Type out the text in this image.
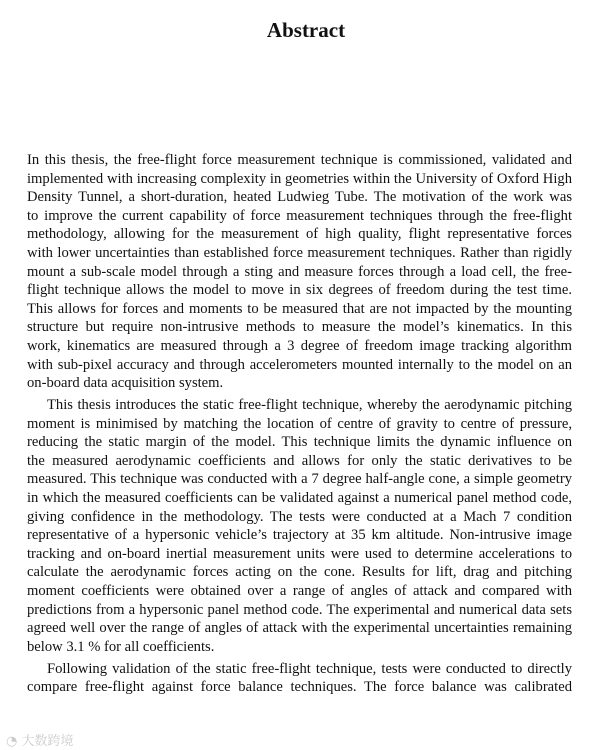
Abstract
In this thesis, the free-flight force measurement technique is commissioned, validated and
implemented with increasing complexity in geometries within the University of Oxford High
Density Tunnel, a short-duration, heated Ludwieg Tube. The motivation of the work was
to improve the current capability of force measurement techniques through the free-flight
methodology, allowing for the measurement of high quality, flight representative forces
with lower uncertainties than established force measurement techniques. Rather than rigidly
mount a sub-scale model through a sting and measure forces through a load cell, the free-
flight technique allows the model to move in six degrees of freedom during the test time.
This allows for forces and moments to be measured that are not impacted by the mounting
structure but require non-intrusive methods to measure the model’s kinematics. In this
work, kinematics are measured through a 3 degree of freedom image tracking algorithm
with sub-pixel accuracy and through accelerometers mounted internally to the model on an
on-board data acquisition system.
This thesis introduces the static free-flight technique, whereby the aerodynamic pitching
moment is minimised by matching the location of centre of gravity to centre of pressure,
reducing the static margin of the model. This technique limits the dynamic influence on
the measured aerodynamic coefficients and allows for only the static derivatives to be
measured. This technique was conducted with a 7 degree half-angle cone, a simple geometry
in which the measured coefficients can be validated against a numerical panel method code,
giving confidence in the methodology. The tests were conducted at a Mach 7 condition
representative of a hypersonic vehicle’s trajectory at 35 km altitude. Non-intrusive image
tracking and on-board inertial measurement units were used to determine accelerations to
calculate the aerodynamic forces acting on the cone. Results for lift, drag and pitching
moment coefficients were obtained over a range of angles of attack and compared with
predictions from a hypersonic panel method code. The experimental and numerical data sets
agreed well over the range of angles of attack with the experimental uncertainties remaining
below 3.1 % for all coefficients.
Following validation of the static free-flight technique, tests were conducted to directly
compare free-flight against force balance techniques. The force balance was calibrated
◔ 大数跨境
